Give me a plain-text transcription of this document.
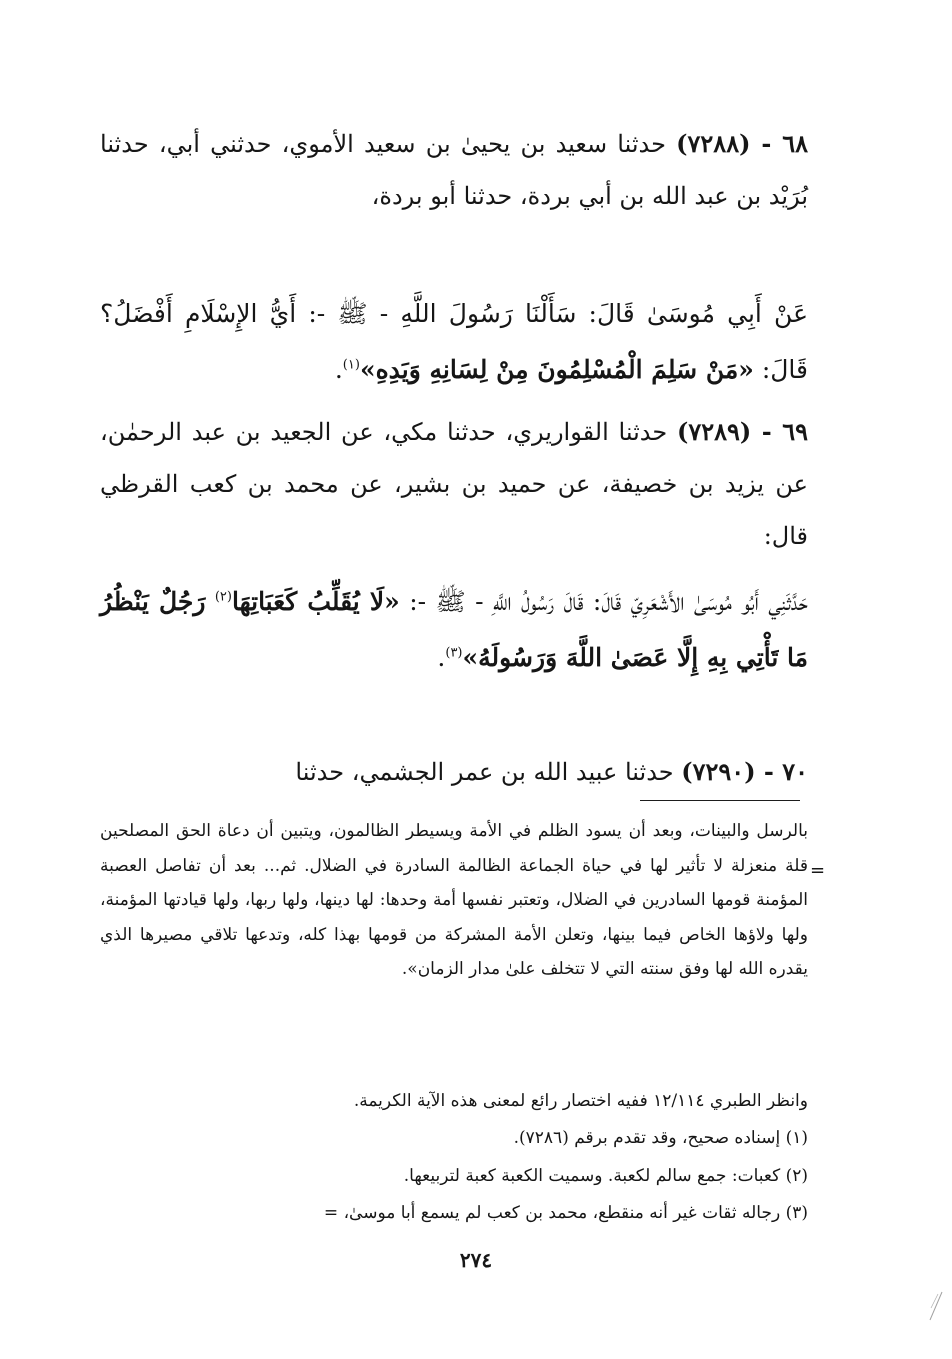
٦٨ - (٧٢٨٨) حدثنا سعيد بن يحيىٰ بن سعيد الأموي، حدثني أبي، حدثنا بُرَيْد بن عبد الله بن أبي بردة، حدثنا أبو بردة،
عَنْ أَبِي مُوسَىٰ قَالَ: سَأَلْنَا رَسُولَ اللَّهِ - ﷺ -: أَيُّ الإِسْلَامِ أَفْضَلُ؟ قَالَ: «مَنْ سَلِمَ الْمُسْلِمُونَ مِنْ لِسَانِهِ وَيَدِهِ»$^{(١)}$.
٦٩ - (٧٢٨٩) حدثنا القواريري، حدثنا مكي، عن الجعيد بن عبد الرحمٰن، عن يزيد بن خصيفة، عن حميد بن بشير، عن محمد بن كعب القرظي قال:
حَدَّثَنِي أَبُو مُوسَىٰ الأَشْعَرِيّ قَالَ: قَالَ رَسُولُ اللَّهِ - ﷺ -: «لَا يُقَلِّبُ كَعَبَاتِهَا$^{(٢)}$ رَجُلٌ يَنْظُرُ مَا تَأْتِي بِهِ إِلَّا عَصَىٰ اللَّهَ وَرَسُولَهُ»$^{(٣)}$.
٧٠ - (٧٢٩٠) حدثنا عبيد الله بن عمر الجشمي، حدثنا
=
بالرسل والبينات، وبعد أن يسود الظلم في الأمة ويسيطر الظالمون، ويتبين أن دعاة الحق المصلحين قلة منعزلة لا تأثير لها في حياة الجماعة الظالمة السادرة في الضلال. ثم... بعد أن تفاصل العصبة المؤمنة قومها السادرين في الضلال، وتعتبر نفسها أمة وحدها: لها دينها، ولها ربها، ولها قيادتها المؤمنة، ولها ولاؤها الخاص فيما بينها، وتعلن الأمة المشركة من قومها بهذا كله، وتدعها تلاقي مصيرها الذي يقدره الله لها وفق سنته التي لا تتخلف علىٰ مدار الزمان».
وانظر الطبري ١٢/١١٤ ففيه اختصار رائع لمعنى هذه الآية الكريمة.
(١) إسناده صحيح، وقد تقدم برقم (٧٢٨٦).
(٢) كعبات: جمع سالم لكعبة. وسميت الكعبة كعبة لتربيعها.
(٣) رجاله ثقات غير أنه منقطع، محمد بن كعب لم يسمع أبا موسىٰ، =
٢٧٤
